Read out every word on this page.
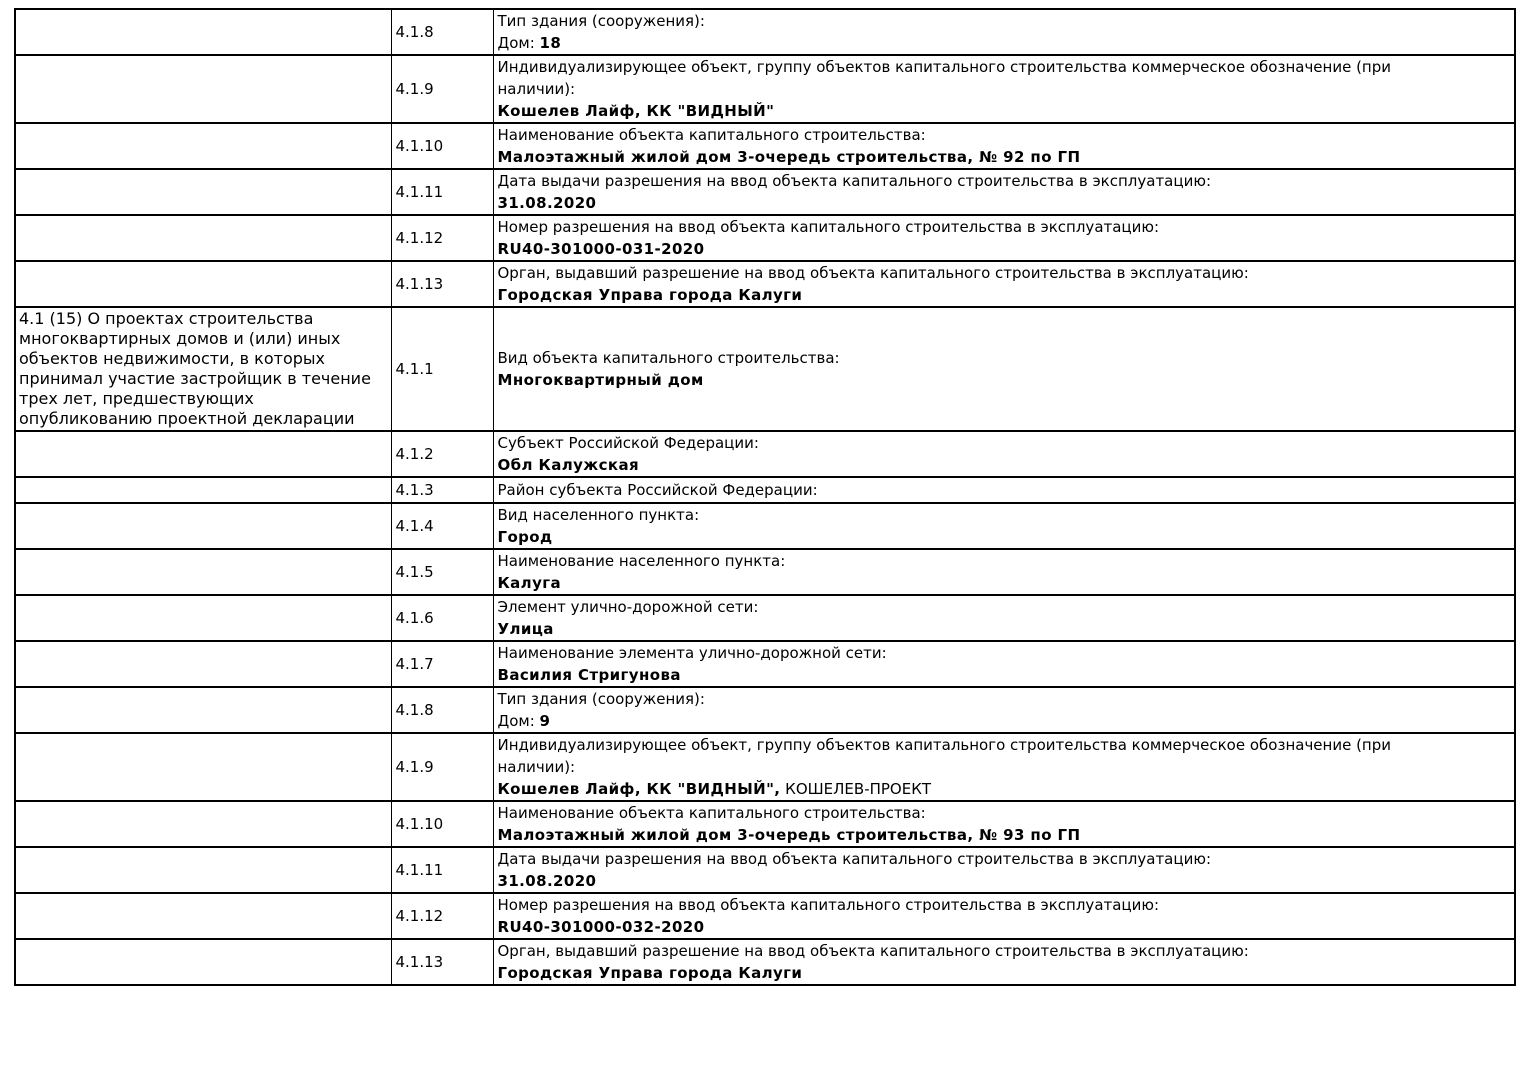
	4.1.8	Тип здания (сооружения):
Дом: 18

	4.1.9	Индивидуализирующее объект, группу объектов капитального строительства коммерческое обозначение (при
наличии):
Кошелев Лайф, КК "ВИДНЫЙ"

	4.1.10	Наименование объекта капитального строительства:
Малоэтажный жилой дом 3-очередь строительства, № 92 по ГП

	4.1.11	Дата выдачи разрешения на ввод объекта капитального строительства в эксплуатацию:
31.08.2020

	4.1.12	Номер разрешения на ввод объекта капитального строительства в эксплуатацию:
RU40-301000-031-2020

	4.1.13	Орган, выдавший разрешение на ввод объекта капитального строительства в эксплуатацию:
Городская Управа города Калуги

4.1 (15) О проектах строительства многоквартирных домов и (или) иных объектов недвижимости, в которых принимал участие застройщик в течение трех лет, предшествующих опубликованию проектной декларации	4.1.1	Вид объекта капитального строительства:
Многоквартирный дом

	4.1.2	Субъект Российской Федерации:
Обл Калужская

	4.1.3	Район субъекта Российской Федерации:

	4.1.4	Вид населенного пункта:
Город

	4.1.5	Наименование населенного пункта:
Калуга

	4.1.6	Элемент улично-дорожной сети:
Улица

	4.1.7	Наименование элемента улично-дорожной сети:
Василия Стригунова

	4.1.8	Тип здания (сооружения):
Дом: 9

	4.1.9	Индивидуализирующее объект, группу объектов капитального строительства коммерческое обозначение (при
наличии):
Кошелев Лайф, КК "ВИДНЫЙ", КОШЕЛЕВ-ПРОЕКТ

	4.1.10	Наименование объекта капитального строительства:
Малоэтажный жилой дом 3-очередь строительства, № 93 по ГП

	4.1.11	Дата выдачи разрешения на ввод объекта капитального строительства в эксплуатацию:
31.08.2020

	4.1.12	Номер разрешения на ввод объекта капитального строительства в эксплуатацию:
RU40-301000-032-2020

	4.1.13	Орган, выдавший разрешение на ввод объекта капитального строительства в эксплуатацию:
Городская Управа города Калуги
